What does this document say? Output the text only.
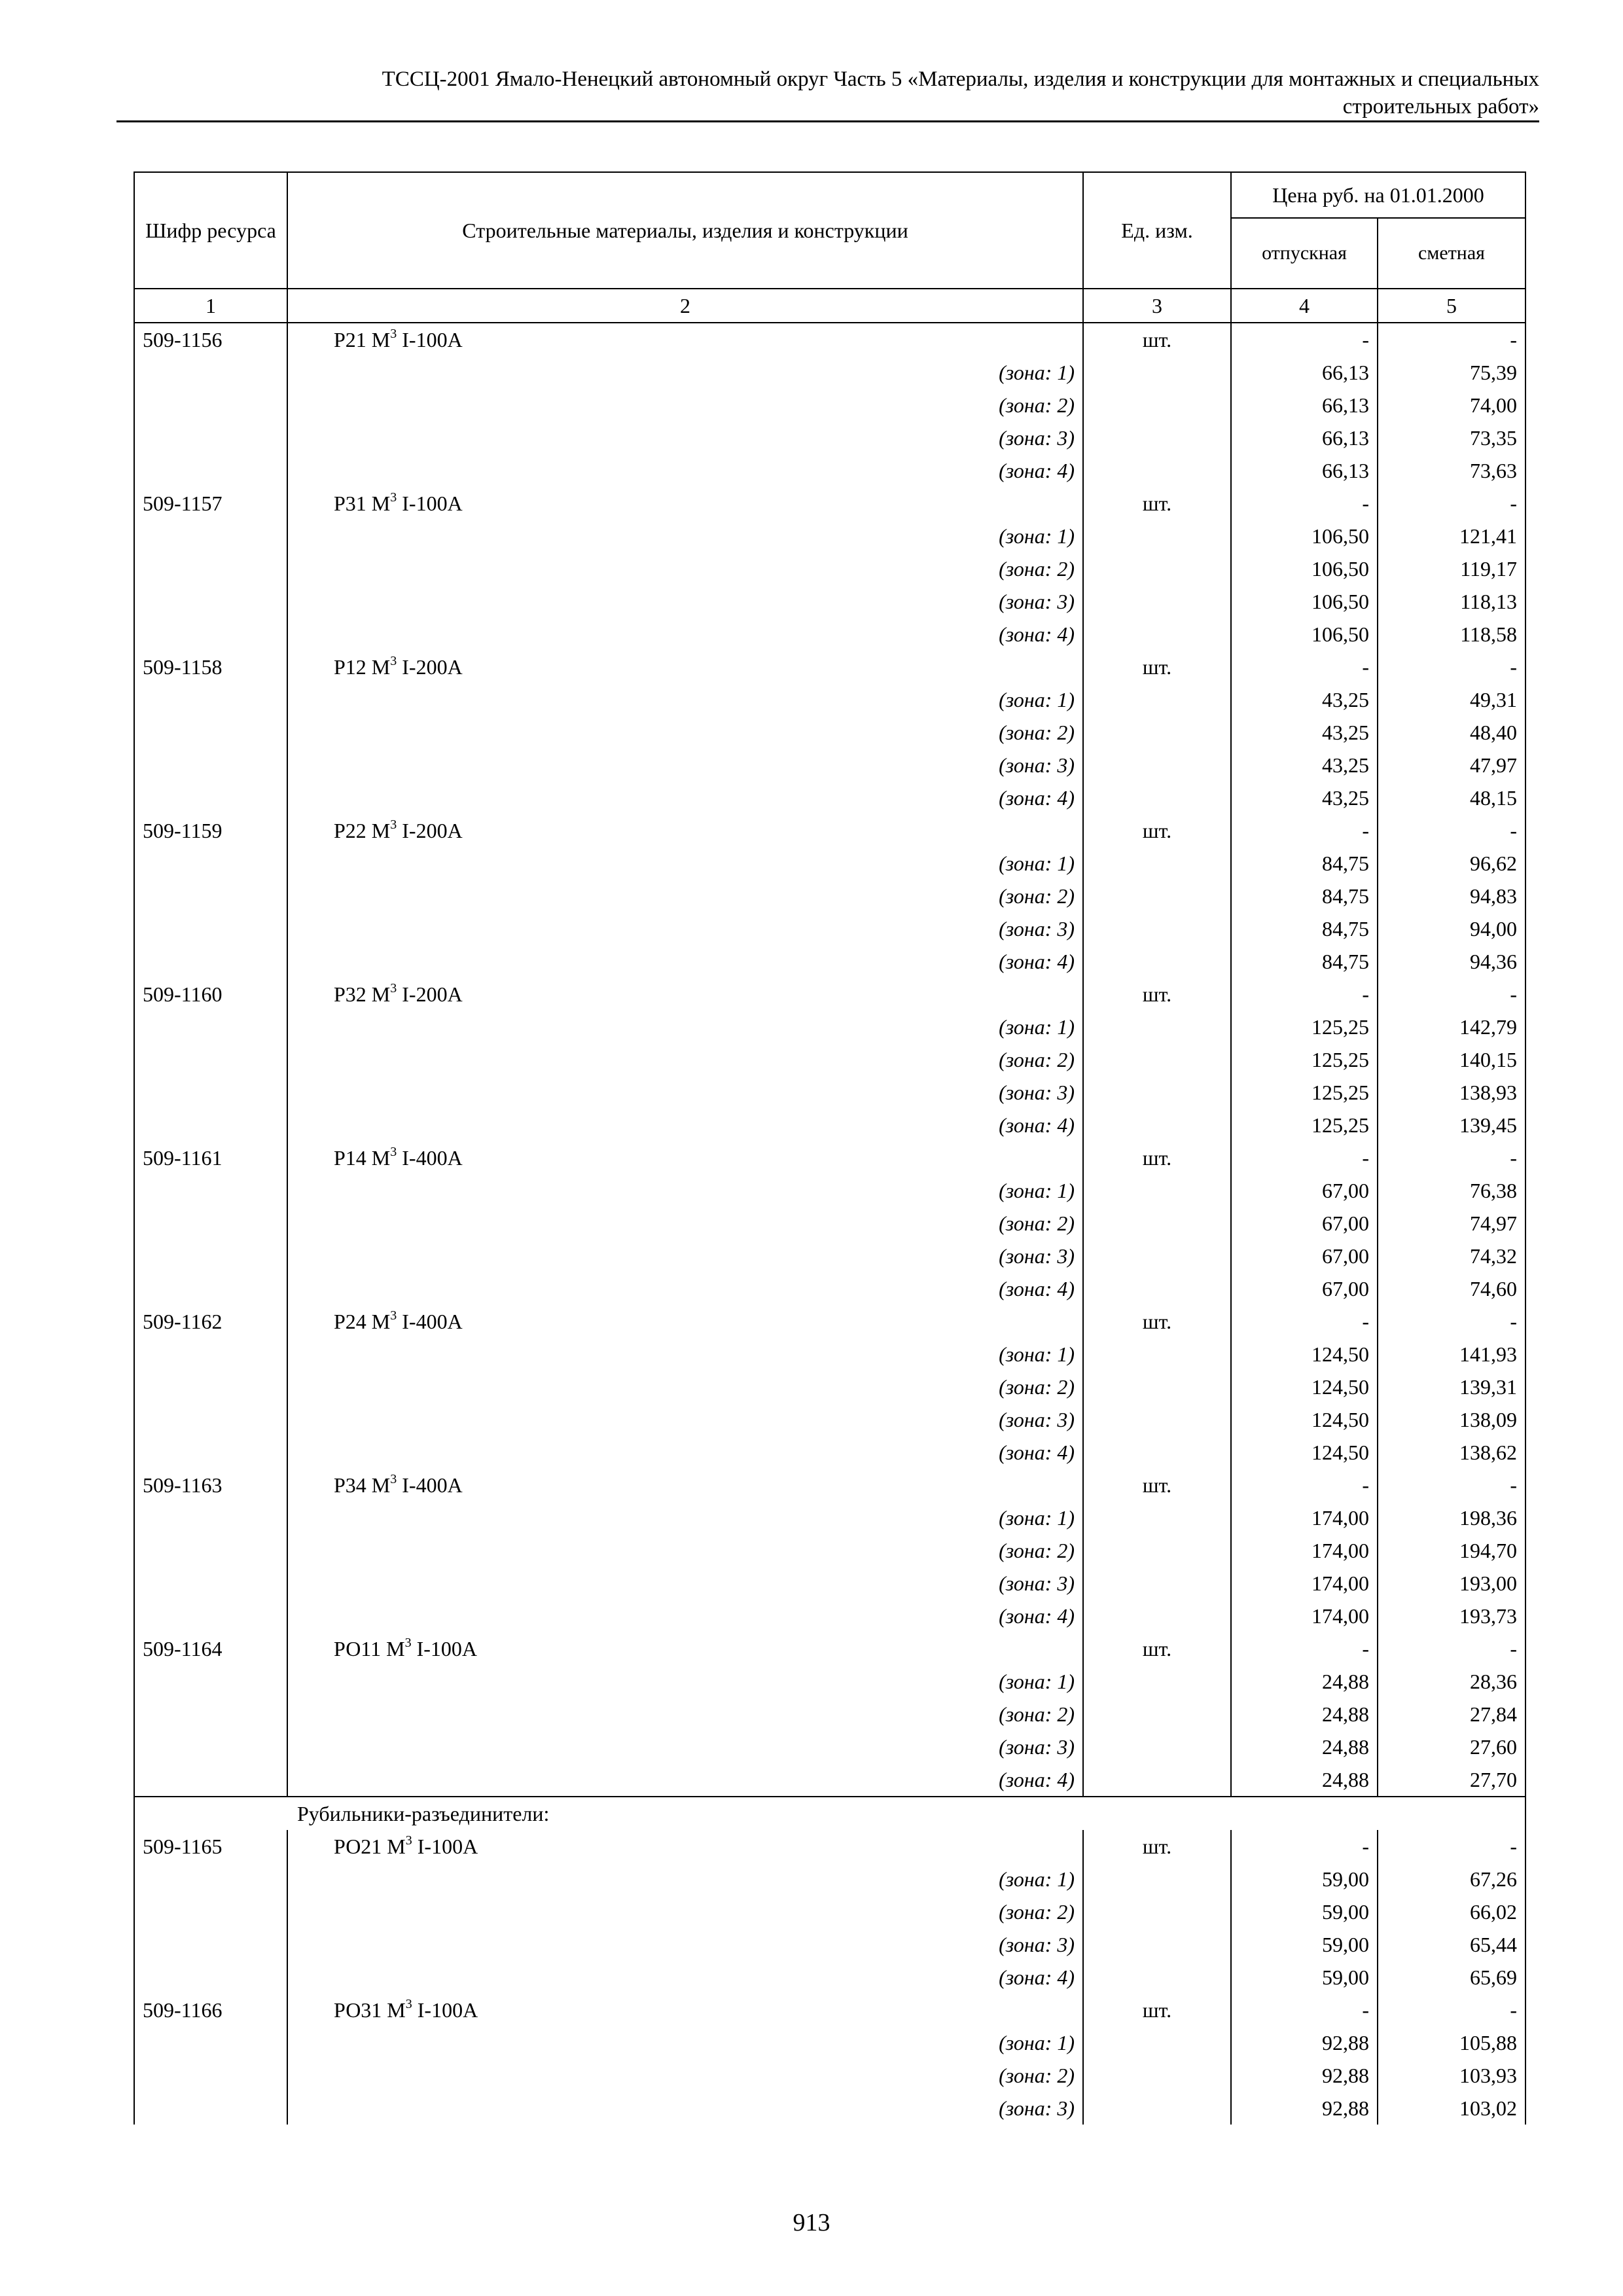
ТССЦ-2001 Ямало-Ненецкий автономный округ Часть 5 «Материалы, изделия и конструкции для монтажных и специальных
строительных работ»
Шифр ресурса	Строительные материалы, изделия и конструкции	Ед. изм.	Цена руб. на 01.01.2000	
			отпускная	сметная
1	2	3	4	5
509-1156	Р21 $М^3$ I-100А	шт.	-	-
	(зона: 1)		66,13	75,39
	(зона: 2)		66,13	74,00
	(зона: 3)		66,13	73,35
	(зона: 4)		66,13	73,63
509-1157	Р31 $М^3$ I-100А	шт.	-	-
	(зона: 1)		106,50	121,41
	(зона: 2)		106,50	119,17
	(зона: 3)		106,50	118,13
	(зона: 4)		106,50	118,58
509-1158	Р12 $М^3$ I-200А	шт.	-	-
	(зона: 1)		43,25	49,31
	(зона: 2)		43,25	48,40
	(зона: 3)		43,25	47,97
	(зона: 4)		43,25	48,15
509-1159	Р22 $М^3$ I-200А	шт.	-	-
	(зона: 1)		84,75	96,62
	(зона: 2)		84,75	94,83
	(зона: 3)		84,75	94,00
	(зона: 4)		84,75	94,36
509-1160	Р32 $М^3$ I-200А	шт.	-	-
	(зона: 1)		125,25	142,79
	(зона: 2)		125,25	140,15
	(зона: 3)		125,25	138,93
	(зона: 4)		125,25	139,45
509-1161	Р14 $М^3$ I-400А	шт.	-	-
	(зона: 1)		67,00	76,38
	(зона: 2)		67,00	74,97
	(зона: 3)		67,00	74,32
	(зона: 4)		67,00	74,60
509-1162	Р24 $М^3$ I-400А	шт.	-	-
	(зона: 1)		124,50	141,93
	(зона: 2)		124,50	139,31
	(зона: 3)		124,50	138,09
	(зона: 4)		124,50	138,62
509-1163	Р34 $М^3$ I-400А	шт.	-	-
	(зона: 1)		174,00	198,36
	(зона: 2)		174,00	194,70
	(зона: 3)		174,00	193,00
	(зона: 4)		174,00	193,73
509-1164	РО11 $М^3$ I-100А	шт.	-	-
	(зона: 1)		24,88	28,36
	(зона: 2)		24,88	27,84
	(зона: 3)		24,88	27,60
	(зона: 4)		24,88	27,70
Рубильники-разъединители:				
509-1165	РО21 $М^3$ I-100А	шт.	-	-
	(зона: 1)		59,00	67,26
	(зона: 2)		59,00	66,02
	(зона: 3)		59,00	65,44
	(зона: 4)		59,00	65,69
509-1166	РО31 $М^3$ I-100А	шт.	-	-
	(зона: 1)		92,88	105,88
	(зона: 2)		92,88	103,93
	(зона: 3)		92,88	103,02
913
